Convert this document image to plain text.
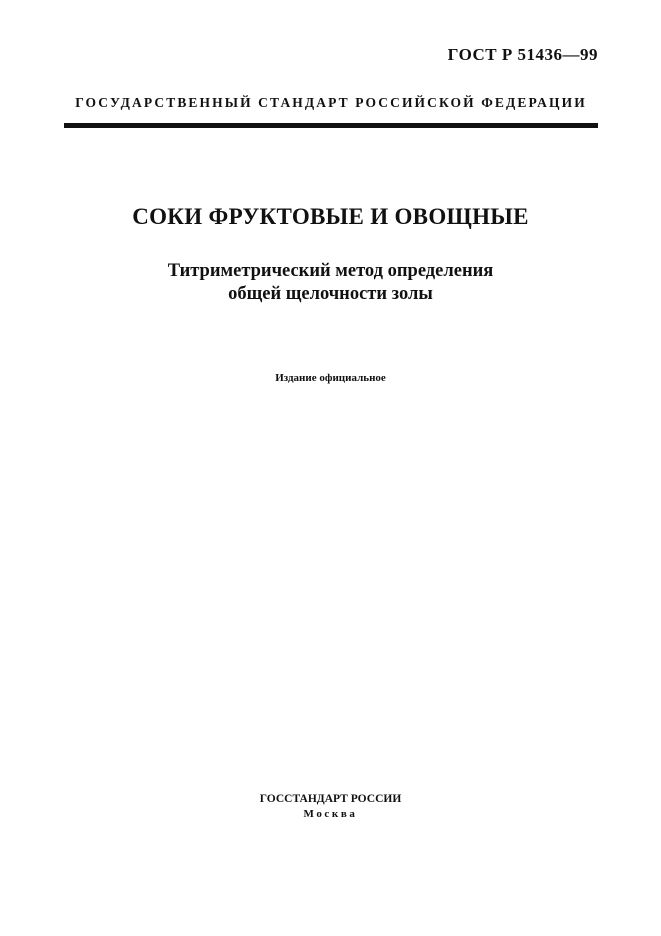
ГОСТ Р 51436—99
ГОСУДАРСТВЕННЫЙ СТАНДАРТ РОССИЙСКОЙ ФЕДЕРАЦИИ
СОКИ ФРУКТОВЫЕ И ОВОЩНЫЕ
Титриметрический метод определения
общей щелочности золы
Издание официальное
ГОССТАНДАРТ РОССИИ
Москва
